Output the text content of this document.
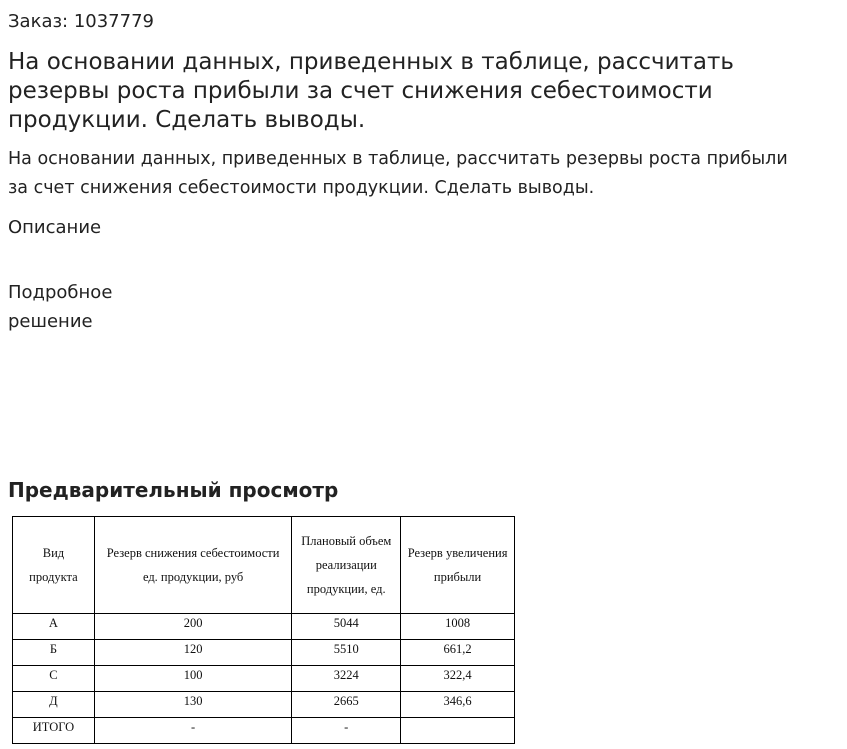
Заказ: 1037779
На основании данных, приведенных в таблице, рассчитать резервы роста прибыли за счет снижения себестоимости продукции. Сделать выводы.
На основании данных, приведенных в таблице, рассчитать резервы роста прибыли за счет снижения себестоимости продукции. Сделать выводы.
Описание
Подробное решение
Предварительный просмотр
Вид продукта	Резерв снижения себестоимости ед. продукции, руб	Плановый объем реализации продукции, ед.	Резерв увеличения прибыли
А	200	5044	1008
Б	120	5510	661,2
С	100	3224	322,4
Д	130	2665	346,6
ИТОГО	-	-	
